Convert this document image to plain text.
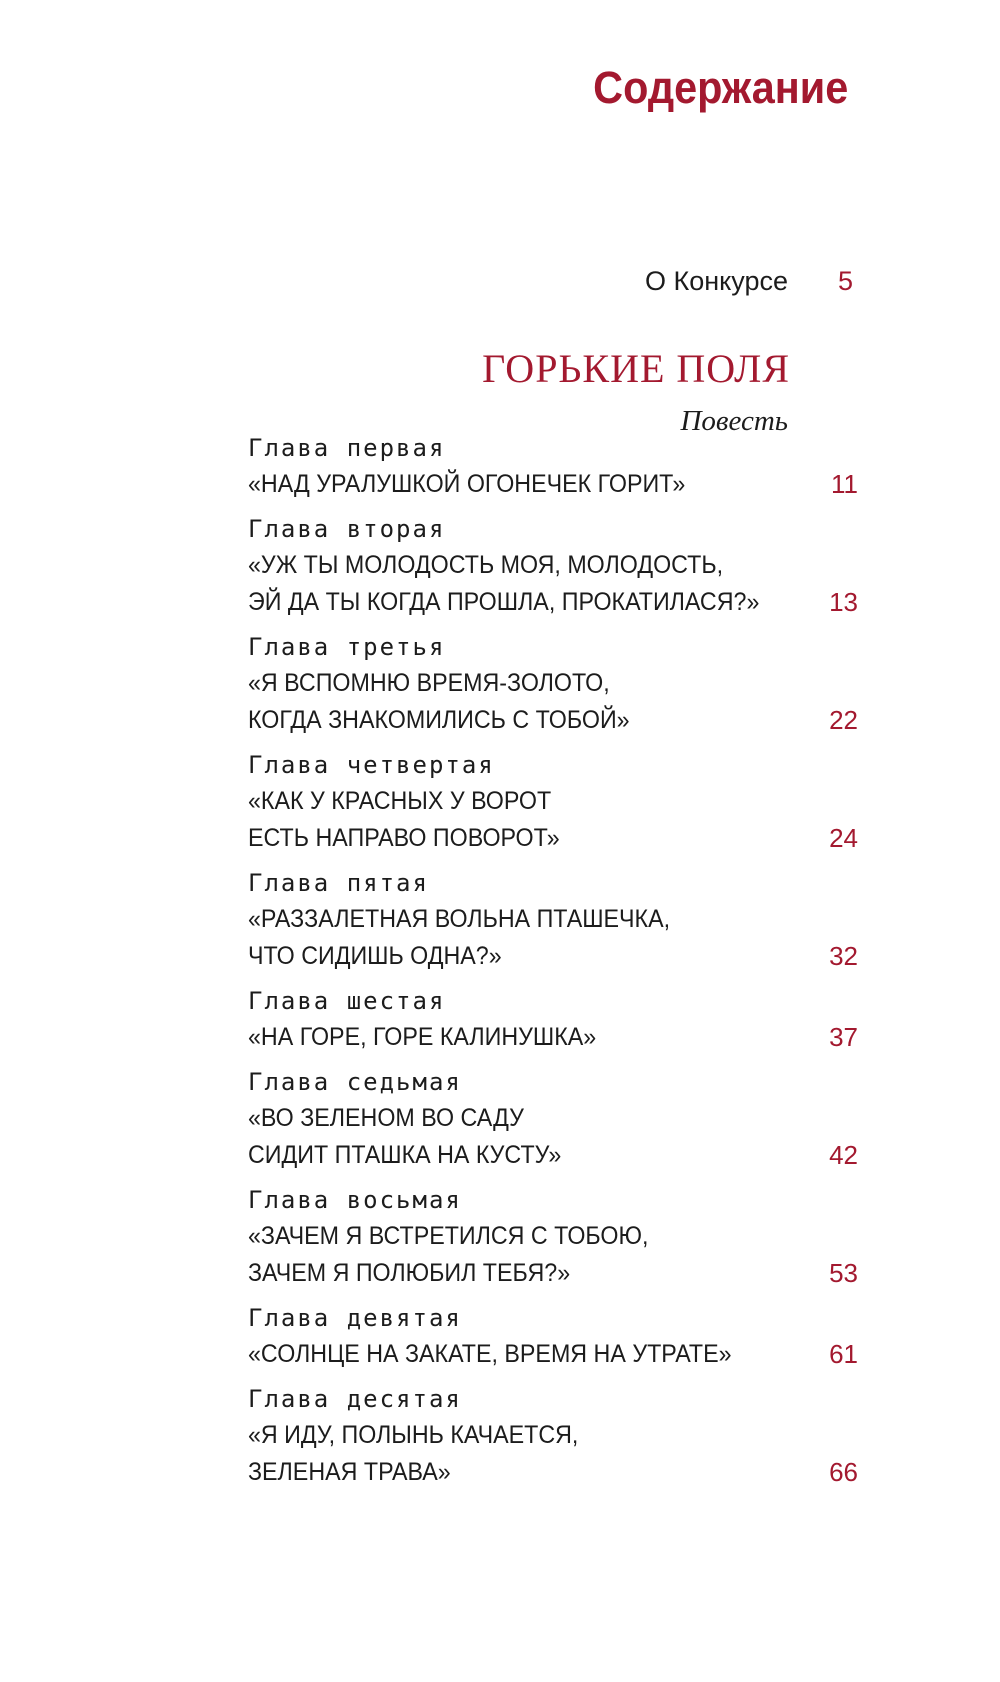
Содержание
О Конкурсе 5
ГОРЬКИЕ ПОЛЯ
Повесть
Глава первая
«НАД УРАЛУШКОЙ ОГОНЕЧЕК ГОРИТ»	11
Глава вторая
«УЖ ТЫ МОЛОДОСТЬ МОЯ, МОЛОДОСТЬ,
ЭЙ ДА ТЫ КОГДА ПРОШЛА, ПРОКАТИЛАСЯ?»	13
Глава третья
«Я ВСПОМНЮ ВРЕМЯ-ЗОЛОТО,
КОГДА ЗНАКОМИЛИСЬ С ТОБОЙ»	22
Глава четвертая
«КАК У КРАСНЫХ У ВОРОТ
ЕСТЬ НАПРАВО ПОВОРОТ»	24
Глава пятая
«РАЗЗАЛЕТНАЯ ВОЛЬНА ПТАШЕЧКА,
ЧТО СИДИШЬ ОДНА?»	32
Глава шестая
«НА ГОРЕ, ГОРЕ КАЛИНУШКА»	37
Глава седьмая
«ВО ЗЕЛЕНОМ ВО САДУ
СИДИТ ПТАШКА НА КУСТУ»	42
Глава восьмая
«ЗАЧЕМ Я ВСТРЕТИЛСЯ С ТОБОЮ,
ЗАЧЕМ Я ПОЛЮБИЛ ТЕБЯ?»	53
Глава девятая
«СОЛНЦЕ НА ЗАКАТЕ, ВРЕМЯ НА УТРАТЕ»	61
Глава десятая
«Я ИДУ, ПОЛЫНЬ КАЧАЕТСЯ,
ЗЕЛЕНАЯ ТРАВА»	66
